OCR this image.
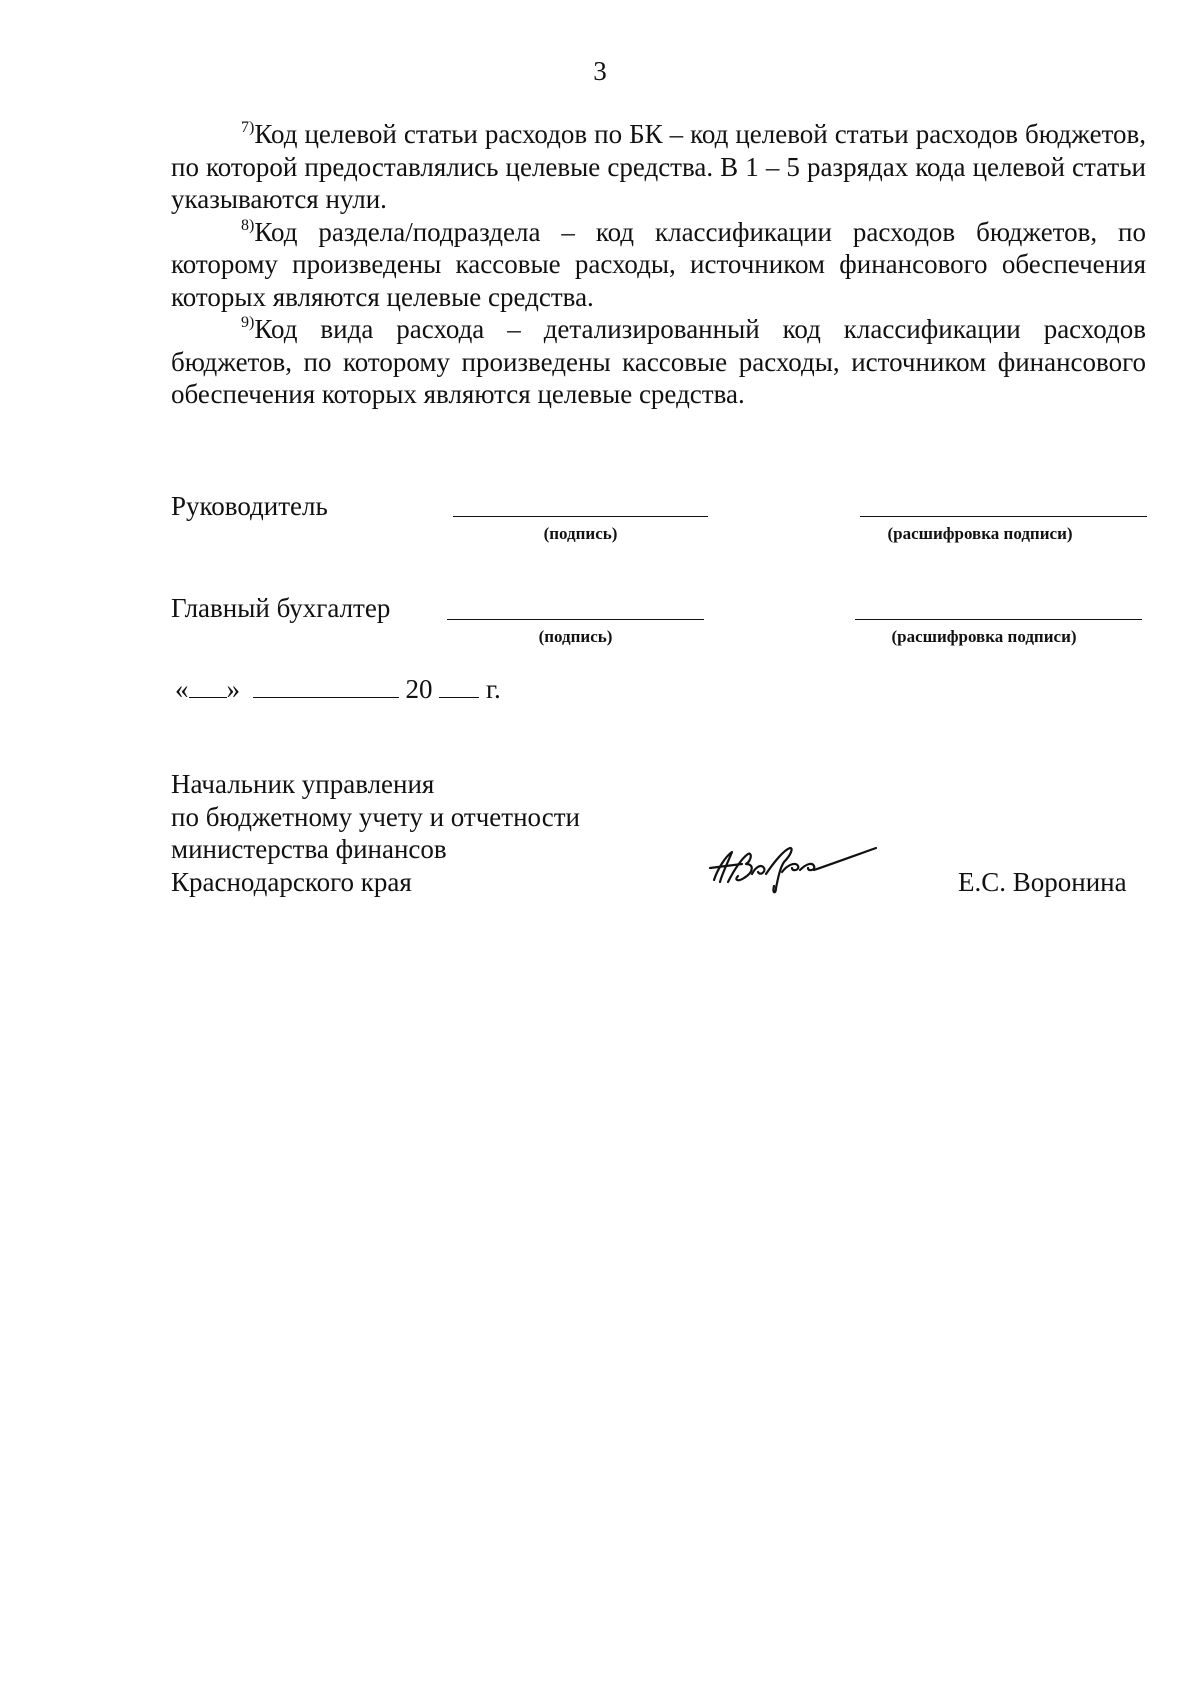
3

$^{7)}$Код целевой статьи расходов по БК – код целевой статьи расходов бюджетов, по которой предоставлялись целевые средства. В 1 – 5 разрядах кода целевой статьи указываются нули.

$^{8)}$Код раздела/подраздела – код классификации расходов бюджетов, по которому произведены кассовые расходы, источником финансового обеспечения которых являются целевые средства.

$^{9)}$Код вида расхода – детализированный код классификации расходов бюджетов, по которому произведены кассовые расходы, источником финансового обеспечения которых являются целевые средства.

Руководитель
(подпись)	(расшифровка подписи)
Главный бухгалтер
(подпись)	(расшифровка подписи)
« »	20 г.
Начальник управления
по бюджетному учету и отчетности
министерства финансов
Краснодарского края	Е.С. Воронина
